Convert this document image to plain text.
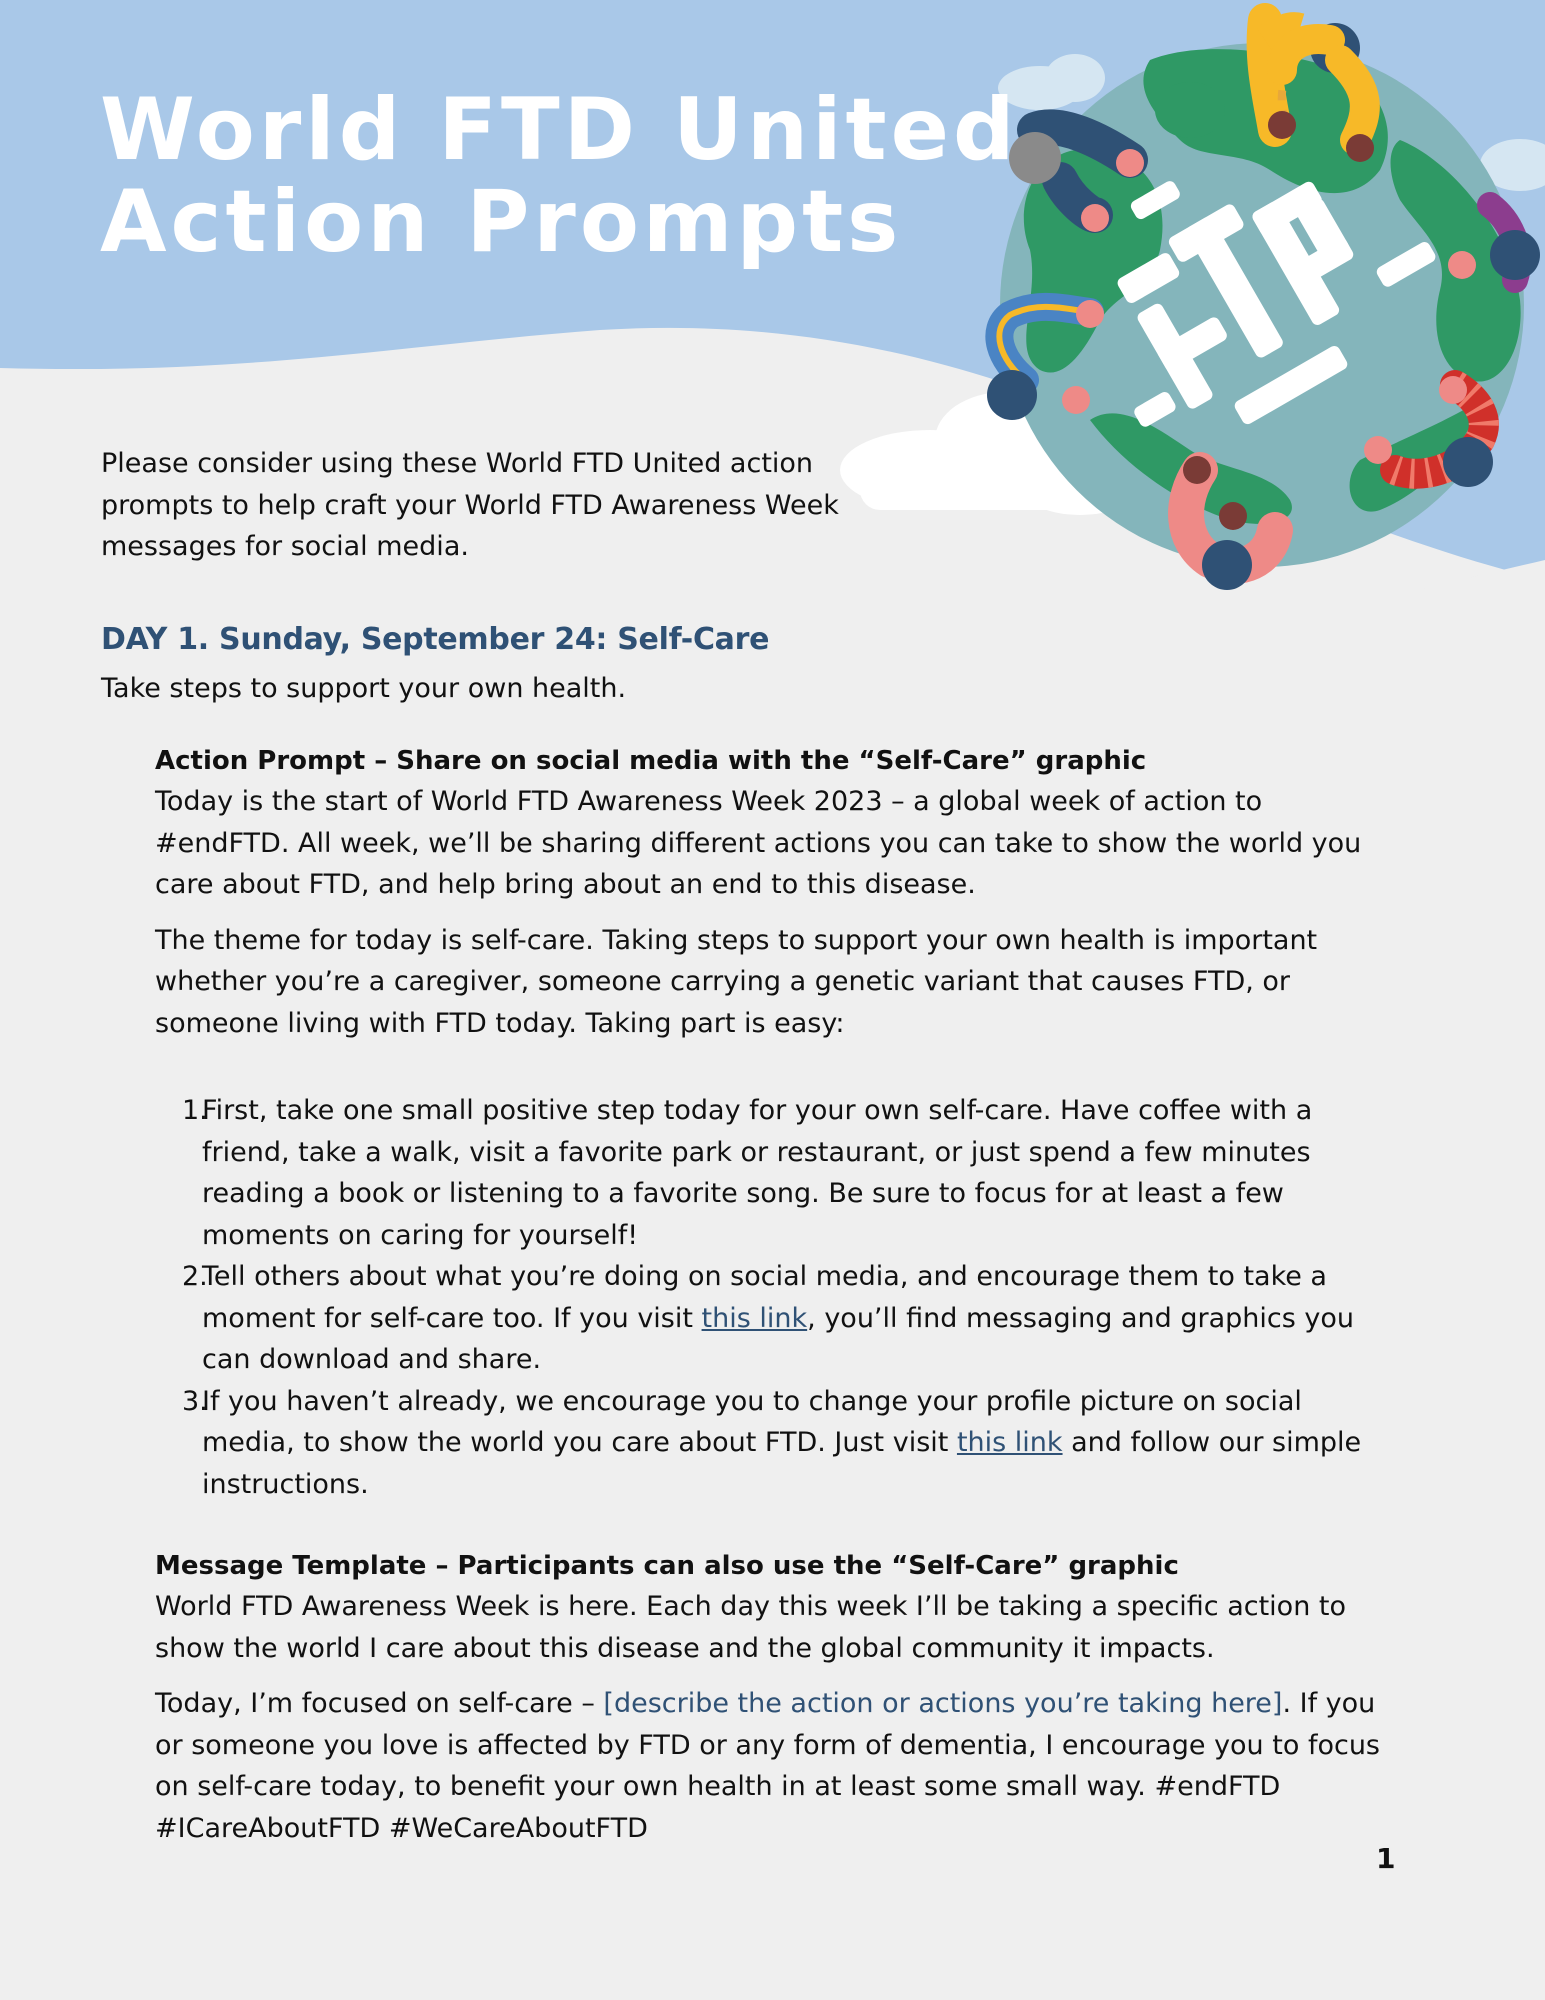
World FTD United
Action Prompts

Please consider using these World FTD United action prompts to help craft your World FTD Awareness Week messages for social media.

DAY 1. Sunday, September 24: Self-Care

Take steps to support your own health.

Action Prompt – Share on social media with the “Self-Care” graphic

Today is the start of World FTD Awareness Week 2023 – a global week of action to #endFTD. All week, we’ll be sharing different actions you can take to show the world you care about FTD, and help bring about an end to this disease.

The theme for today is self-care. Taking steps to support your own health is important whether you’re a caregiver, someone carrying a genetic variant that causes FTD, or someone living with FTD today. Taking part is easy:

1.
First, take one small positive step today for your own self-care. Have coffee with a friend, take a walk, visit a favorite park or restaurant, or just spend a few minutes reading a book or listening to a favorite song. Be sure to focus for at least a few moments on caring for yourself!
2.
Tell others about what you’re doing on social media, and encourage them to take a moment for self-care too. If you visit this link, you’ll find messaging and graphics you can download and share.
3.
If you haven’t already, we encourage you to change your profile picture on social media, to show the world you care about FTD. Just visit this link and follow our simple instructions.

Message Template – Participants can also use the “Self-Care” graphic

World FTD Awareness Week is here. Each day this week I’ll be taking a specific action to show the world I care about this disease and the global community it impacts.

Today, I’m focused on self-care – [describe the action or actions you’re taking here]. If you or someone you love is affected by FTD or any form of dementia, I encourage you to focus on self-care today, to benefit your own health in at least some small way. #endFTD #ICareAboutFTD #WeCareAboutFTD

1
